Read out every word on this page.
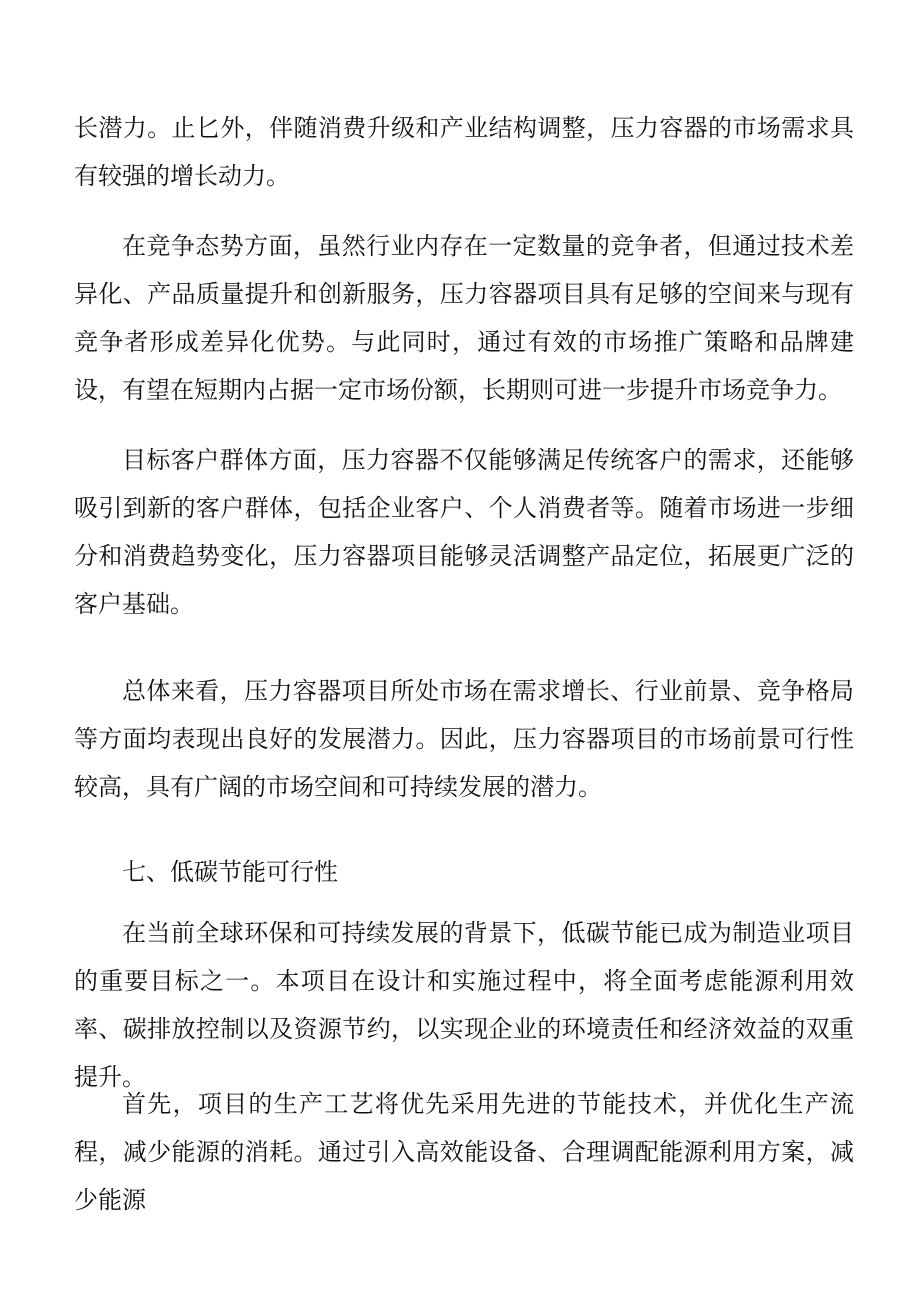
长潜力。止匕外，伴随消费升级和产业结构调整，压力容器的市场需求具有较强的增长动力。

在竞争态势方面，虽然行业内存在一定数量的竞争者，但通过技术差异化、产品质量提升和创新服务，压力容器项目具有足够的空间来与现有竞争者形成差异化优势。与此同时，通过有效的市场推广策略和品牌建设，有望在短期内占据一定市场份额，长期则可进一步提升市场竞争力。

目标客户群体方面，压力容器不仅能够满足传统客户的需求，还能够吸引到新的客户群体，包括企业客户、个人消费者等。随着市场进一步细分和消费趋势变化，压力容器项目能够灵活调整产品定位，拓展更广泛的客户基础。

总体来看，压力容器项目所处市场在需求增长、行业前景、竞争格局等方面均表现出良好的发展潜力。因此，压力容器项目的市场前景可行性较高，具有广阔的市场空间和可持续发展的潜力。

七、低碳节能可行性

在当前全球环保和可持续发展的背景下，低碳节能已成为制造业项目的重要目标之一。本项目在设计和实施过程中，将全面考虑能源利用效率、碳排放控制以及资源节约，以实现企业的环境责任和经济效益的双重提升。

首先，项目的生产工艺将优先采用先进的节能技术，并优化生产流程，减少能源的消耗。通过引入高效能设备、合理调配能源利用方案，减少能源
